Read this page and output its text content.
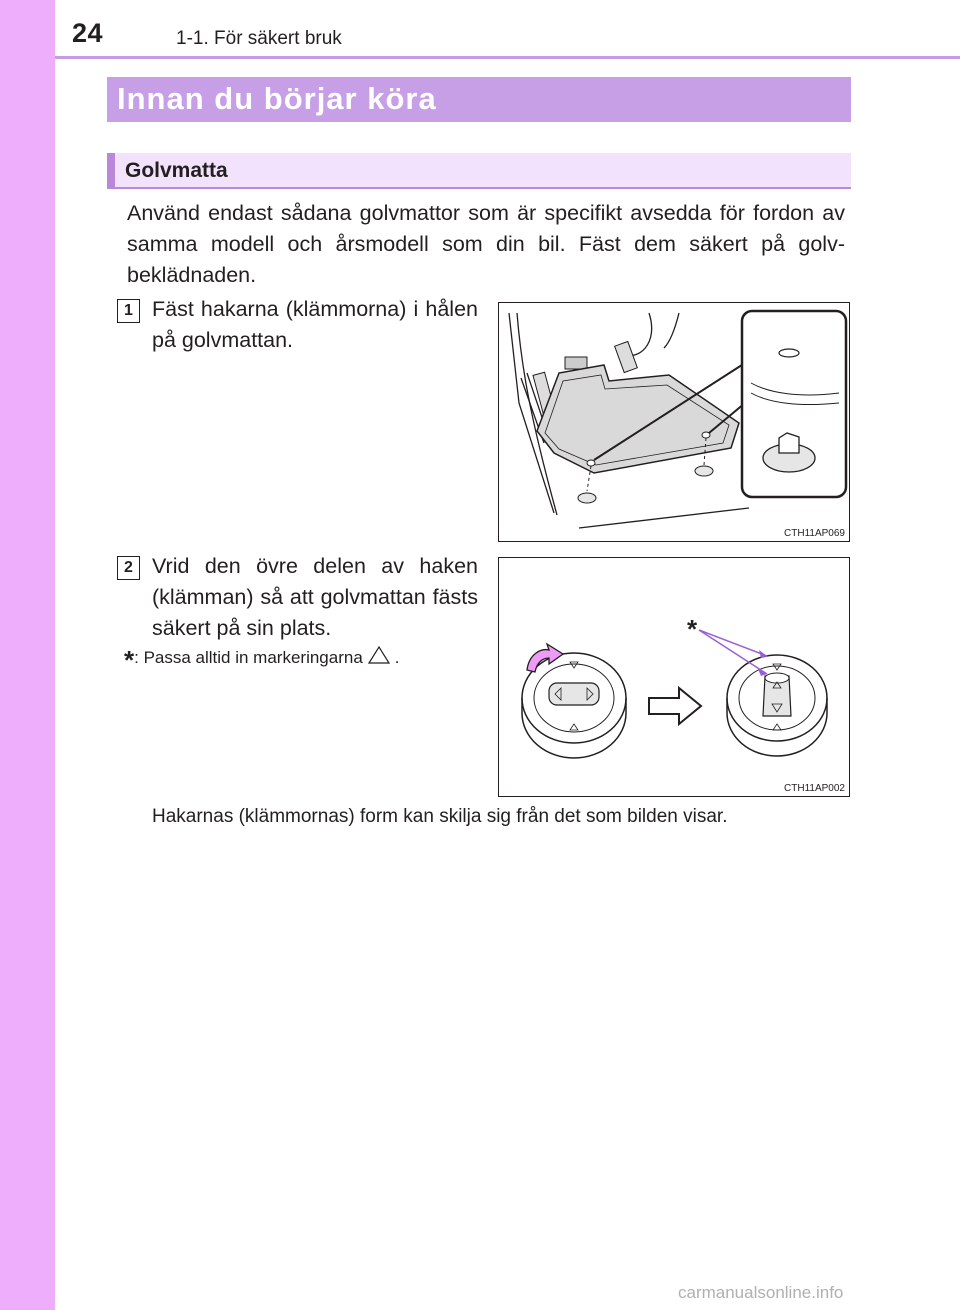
24	1-1. För säkert bruk
Innan du börjar köra
Golvmatta

Använd endast sådana golvmattor som är specifikt avsedda för fordon av samma modell och årsmodell som din bil. Fäst dem säkert på golv-beklädnaden.

1 Fäst hakarna (klämmorna) i hålen på golvmattan.

CTH11AP069
2 Vrid den övre delen av haken (klämman) så att golvmattan fästs säkert på sin plats.

*: Passa alltid in markeringarna .
*
CTH11AP002

Hakarnas (klämmornas) form kan skilja sig från det som bilden visar.

carmanualsonline.info
